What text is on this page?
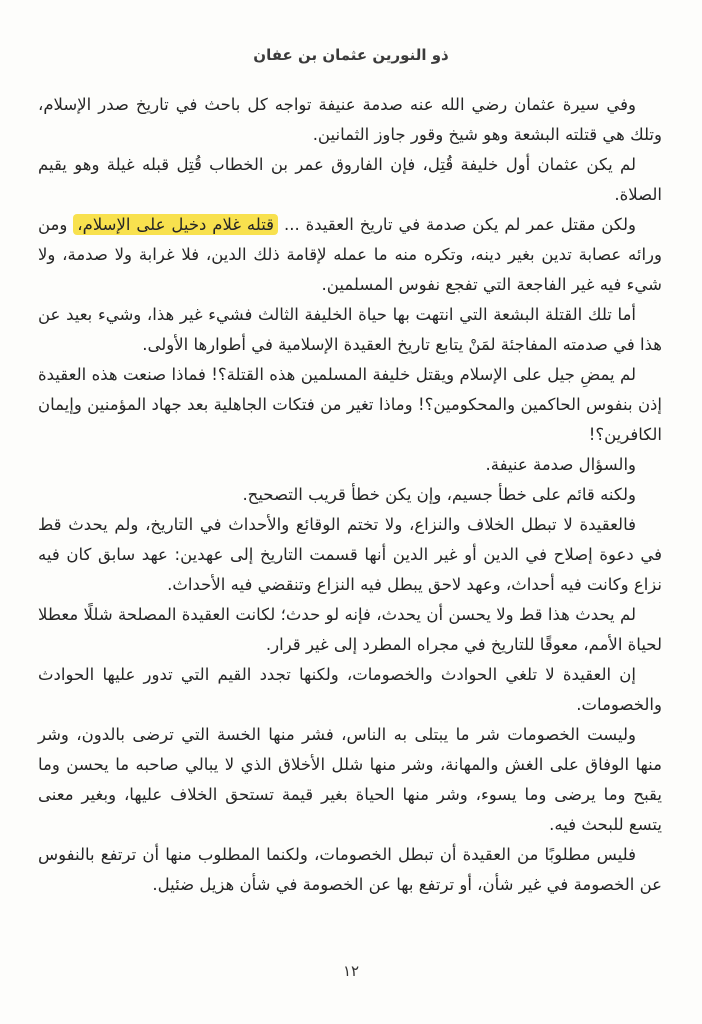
ذو النورين عثمان بن عفان

وفي سيرة عثمان رضي الله عنه صدمة عنيفة تواجه كل باحث في تاريخ صدر الإسلام، وتلك هي قتلته البشعة وهو شيخ وقور جاوز الثمانين.

لم يكن عثمان أول خليفة قُتِل، فإن الفاروق عمر بن الخطاب قُتِل قبله غيلة وهو يقيم الصلاة.

ولكن مقتل عمر لم يكن صدمة في تاريخ العقيدة ... قتله غلام دخيل على الإسلام، ومن ورائه عصابة تدين بغير دينه، وتكره منه ما عمله لإقامة ذلك الدين، فلا غرابة ولا صدمة، ولا شيء فيه غير الفاجعة التي تفجع نفوس المسلمين.

أما تلك القتلة البشعة التي انتهت بها حياة الخليفة الثالث فشيء غير هذا، وشيء بعيد عن هذا في صدمته المفاجئة لمَنْ يتابع تاريخ العقيدة الإسلامية في أطوارها الأولى.

لم يمضِ جيل على الإسلام ويقتل خليفة المسلمين هذه القتلة؟! فماذا صنعت هذه العقيدة إذن بنفوس الحاكمين والمحكومين؟! وماذا تغير من فتكات الجاهلية بعد جهاد المؤمنين وإيمان الكافرين؟!

والسؤال صدمة عنيفة.

ولكنه قائم على خطأ جسيم، وإن يكن خطأ قريب التصحيح.

فالعقيدة لا تبطل الخلاف والنزاع، ولا تختم الوقائع والأحداث في التاريخ، ولم يحدث قط في دعوة إصلاح في الدين أو غير الدين أنها قسمت التاريخ إلى عهدين: عهد سابق كان فيه نزاع وكانت فيه أحداث، وعهد لاحق يبطل فيه النزاع وتنقضي فيه الأحداث.

لم يحدث هذا قط ولا يحسن أن يحدث، فإنه لو حدث؛ لكانت العقيدة المصلحة شللًا معطلا لحياة الأمم، معوقًا للتاريخ في مجراه المطرد إلى غير قرار.

إن العقيدة لا تلغي الحوادث والخصومات، ولكنها تجدد القيم التي تدور عليها الحوادث والخصومات.

وليست الخصومات شر ما يبتلى به الناس، فشر منها الخسة التي ترضى بالدون، وشر منها الوفاق على الغش والمهانة، وشر منها شلل الأخلاق الذي لا يبالي صاحبه ما يحسن وما يقبح وما يرضى وما يسوء، وشر منها الحياة بغير قيمة تستحق الخلاف عليها، وبغير معنى يتسع للبحث فيه.

فليس مطلوبًا من العقيدة أن تبطل الخصومات، ولكنما المطلوب منها أن ترتفع بالنفوس عن الخصومة في غير شأن، أو ترتفع بها عن الخصومة في شأن هزيل ضئيل.

١٢
